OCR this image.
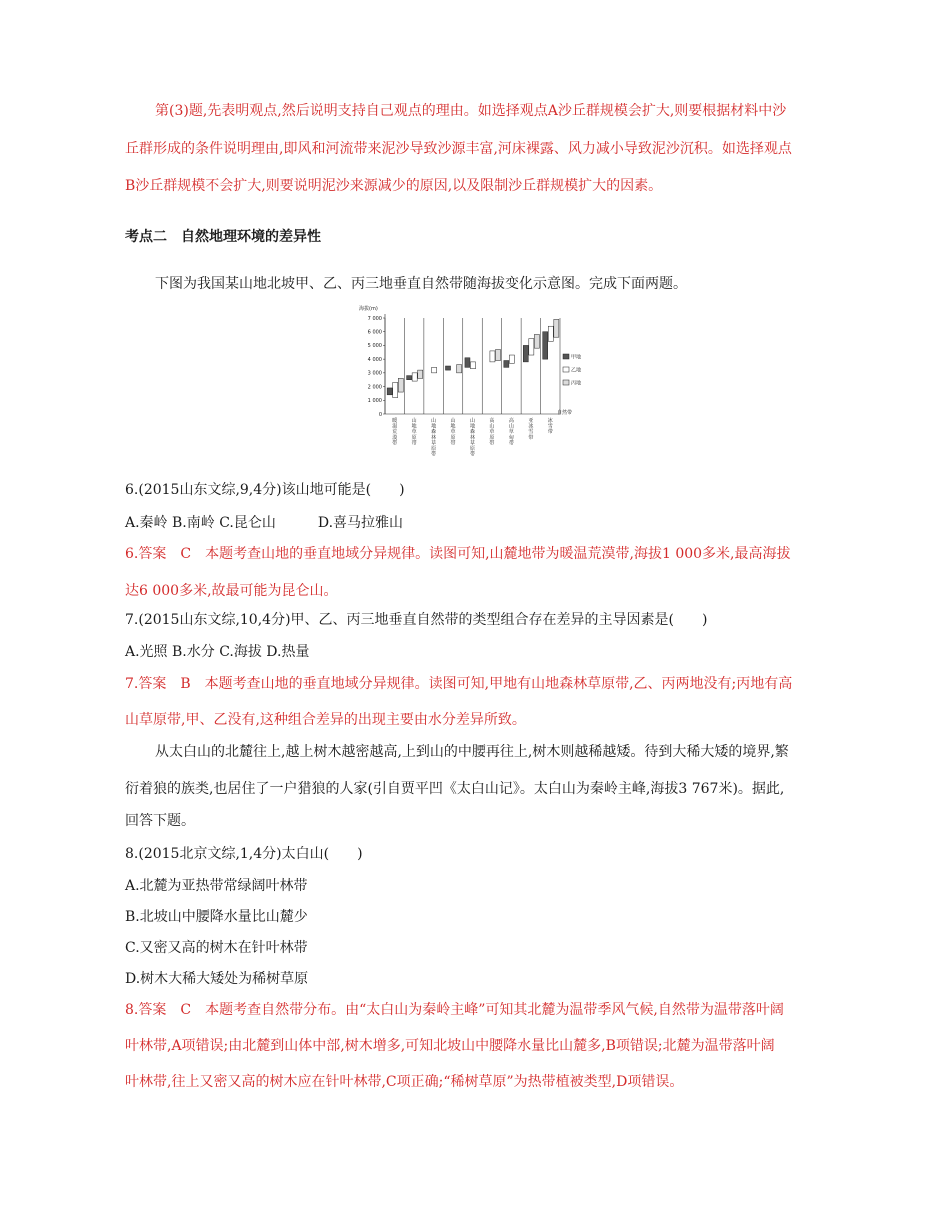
第(3)题,先表明观点,然后说明支持自己观点的理由。如选择观点A沙丘群规模会扩大,则要根据材料中沙
丘群形成的条件说明理由,即风和河流带来泥沙导致沙源丰富,河床裸露、风力减小导致泥沙沉积。如选择观点
B沙丘群规模不会扩大,则要说明泥沙来源减少的原因,以及限制沙丘群规模扩大的因素。
考点二　自然地理环境的差异性
下图为我国某山地北坡甲、乙、丙三地垂直自然带随海拔变化示意图。完成下面两题。
0
1 000
2 000
3 000
4 000
5 000
6 000
7 000
暖
温
荒
漠
带
山
地
草
原
带
山
地
森
林
草
原
带
山
地
草
原
带
山
地
森
林
草
原
带
高
山
草
原
带
高
山
草
甸
带
亚
冰
雪
带
冰
雪
带
海拔(m)
自然带
甲地
乙地
丙地
6.(2015山东文综,9,4分)该山地可能是(　　)
A.秦岭 B.南岭 C.昆仑山　　　D.喜马拉雅山
6.答案　C　本题考查山地的垂直地域分异规律。读图可知,山麓地带为暖温荒漠带,海拔1 000多米,最高海拔
达6 000多米,故最可能为昆仑山。
7.(2015山东文综,10,4分)甲、乙、丙三地垂直自然带的类型组合存在差异的主导因素是(　　)
A.光照 B.水分 C.海拔 D.热量
7.答案　B　本题考查山地的垂直地域分异规律。读图可知,甲地有山地森林草原带,乙、丙两地没有;丙地有高
山草原带,甲、乙没有,这种组合差异的出现主要由水分差异所致。
从太白山的北麓往上,越上树木越密越高,上到山的中腰再往上,树木则越稀越矮。待到大稀大矮的境界,繁
衍着狼的族类,也居住了一户猎狼的人家(引自贾平凹《太白山记》。太白山为秦岭主峰,海拔3 767米)。据此,
回答下题。
8.(2015北京文综,1,4分)太白山(　　)
A.北麓为亚热带常绿阔叶林带
B.北坡山中腰降水量比山麓少
C.又密又高的树木在针叶林带
D.树木大稀大矮处为稀树草原
8.答案　C　本题考查自然带分布。由“太白山为秦岭主峰”可知其北麓为温带季风气候,自然带为温带落叶阔
叶林带,A项错误;由北麓到山体中部,树木增多,可知北坡山中腰降水量比山麓多,B项错误;北麓为温带落叶阔
叶林带,往上又密又高的树木应在针叶林带,C项正确;“稀树草原”为热带植被类型,D项错误。
